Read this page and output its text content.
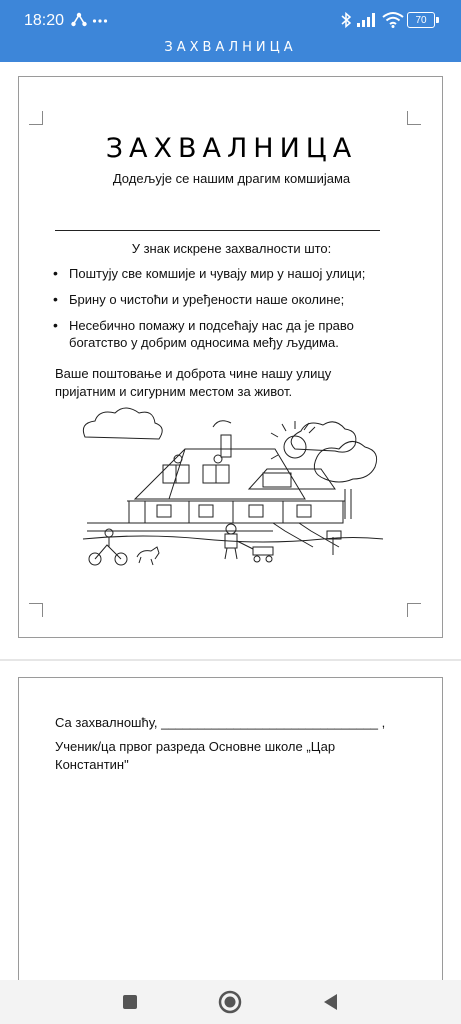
18:20	70
ЗАХВАЛНИЦА
ЗАХВАЛНИЦА
Додељује се нашим драгим комшијама
У знак искрене захвалности што:
• Поштују све комшије и чувају мир у нашој улици;
• Брину о чистоћи и уређености наше околине;
• Несебично помажу и подсећају нас да је право богатство у добрим односима међу људима.
Ваше поштовање и доброта чине нашу улицу пријатним и сигурним местом за живот.
Са захвалношћу, ______________________________ ,
Ученик/ца првог разреда Основне школе „Цар Константин"
